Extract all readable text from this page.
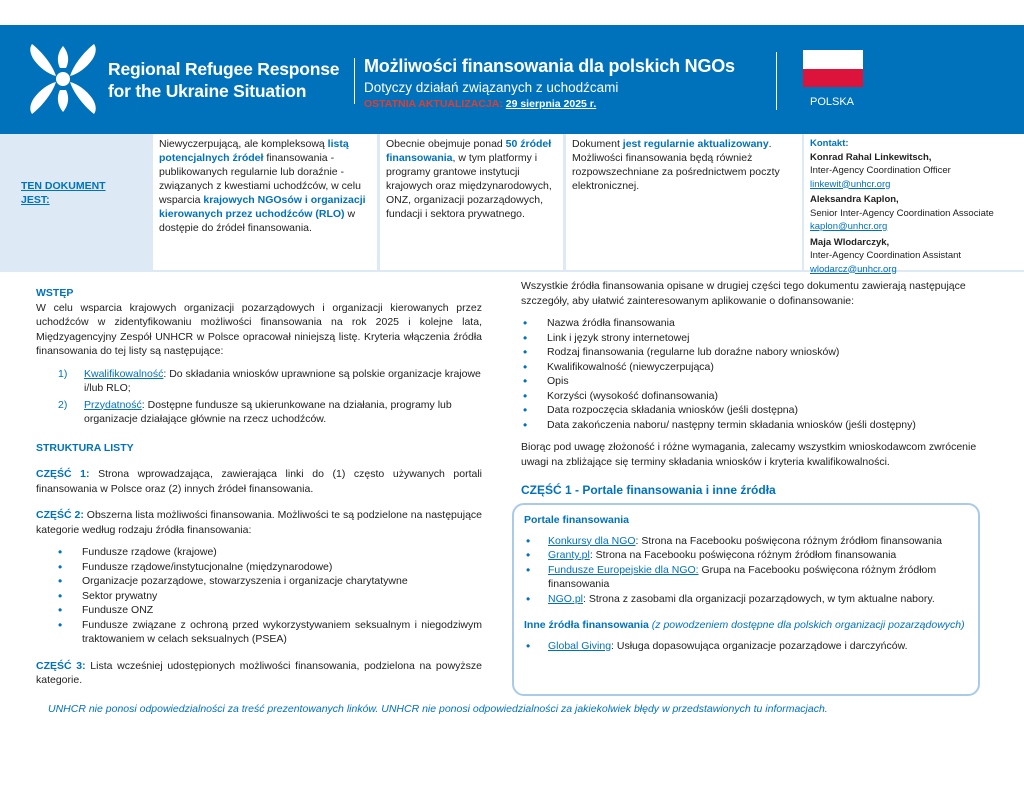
Regional Refugee Response
for the Ukraine Situation
Możliwości finansowania dla polskich NGOs
Dotyczy działań związanych z uchodźcami
OSTATNIA AKTUALIZACJA: 29 sierpnia 2025 r.	POLSKA
TEN DOKUMENT
JEST:
Niewyczerpującą, ale kompleksową listą potencjalnych źródeł finansowania - publikowanych regularnie lub doraźnie - związanych z kwestiami uchodźców, w celu wsparcia krajowych NGOsów i organizacji kierowanych przez uchodźców (RLO) w dostępie do źródeł finansowania.
Obecnie obejmuje ponad 50 źródeł finansowania, w tym platformy i programy grantowe instytucji krajowych oraz międzynarodowych, ONZ, organizacji pozarządowych, fundacji i sektora prywatnego.
Dokument jest regularnie aktualizowany. Możliwości finansowania będą również rozpowszechniane za pośrednictwem poczty elektronicznej.
Kontakt:
Konrad Rahal Linkewitsch,
Inter-Agency Coordination Officer
linkewit@unhcr.org
Aleksandra Kaplon,
Senior Inter-Agency Coordination Associate
kaplon@unhcr.org
Maja Wlodarczyk,
Inter-Agency Coordination Assistant
wlodarcz@unhcr.org
WSTĘP
W celu wsparcia krajowych organizacji pozarządowych i organizacji kierowanych przez uchodźców w zidentyfikowaniu możliwości finansowania na rok 2025 i kolejne lata, Międzyagencyjny Zespół UNHCR w Polsce opracował niniejszą listę. Kryteria włączenia źródła finansowania do tej listy są następujące:
1) Kwalifikowalność: Do składania wniosków uprawnione są polskie organizacje krajowe i/lub RLO;
2) Przydatność: Dostępne fundusze są ukierunkowane na działania, programy lub organizacje działające głównie na rzecz uchodźców.
STRUKTURA LISTY
CZĘŚĆ 1: Strona wprowadzająca, zawierająca linki do (1) często używanych portali finansowania w Polsce oraz (2) innych źródeł finansowania.
CZĘŚĆ 2: Obszerna lista możliwości finansowania. Możliwości te są podzielone na następujące kategorie według rodzaju źródła finansowania:
• Fundusze rządowe (krajowe)
• Fundusze rządowe/instytucjonalne (międzynarodowe)
• Organizacje pozarządowe, stowarzyszenia i organizacje charytatywne
• Sektor prywatny
• Fundusze ONZ
• Fundusze związane z ochroną przed wykorzystywaniem seksualnym i niegodziwym traktowaniem w celach seksualnych (PSEA)
CZĘŚĆ 3: Lista wcześniej udostępionych możliwości finansowania, podzielona na powyższe kategorie.
Wszystkie źródła finansowania opisane w drugiej części tego dokumentu zawierają następujące szczegóły, aby ułatwić zainteresowanym aplikowanie o dofinansowanie:
• Nazwa źródła finansowania
• Link i język strony internetowej
• Rodzaj finansowania (regularne lub doraźne nabory wniosków)
• Kwalifikowalność (niewyczerpująca)
• Opis
• Korzyści (wysokość dofinansowania)
• Data rozpoczęcia składania wniosków (jeśli dostępna)
• Data zakończenia naboru/ następny termin składania wniosków (jeśli dostępny)
Biorąc pod uwagę złożoność i różne wymagania, zalecamy wszystkim wnioskodawcom zwrócenie uwagi na zbliżające się terminy składania wniosków i kryteria kwalifikowalności.
CZĘŚĆ 1 - Portale finansowania i inne źródła
Portale finansowania
• Konkursy dla NGO: Strona na Facebooku poświęcona różnym źródłom finansowania
• Granty.pl: Strona na Facebooku poświęcona różnym źródłom finansowania
• Fundusze Europejskie dla NGO: Grupa na Facebooku poświęcona różnym źródłom finansowania
• NGO.pl: Strona z zasobami dla organizacji pozarządowych, w tym aktualne nabory.
Inne źródła finansowania (z powodzeniem dostępne dla polskich organizacji pozarządowych)
• Global Giving: Usługa dopasowująca organizacje pozarządowe i darczyńców.
UNHCR nie ponosi odpowiedzialności za treść prezentowanych linków. UNHCR nie ponosi odpowiedzialności za jakiekolwiek błędy w przedstawionych tu informacjach.
